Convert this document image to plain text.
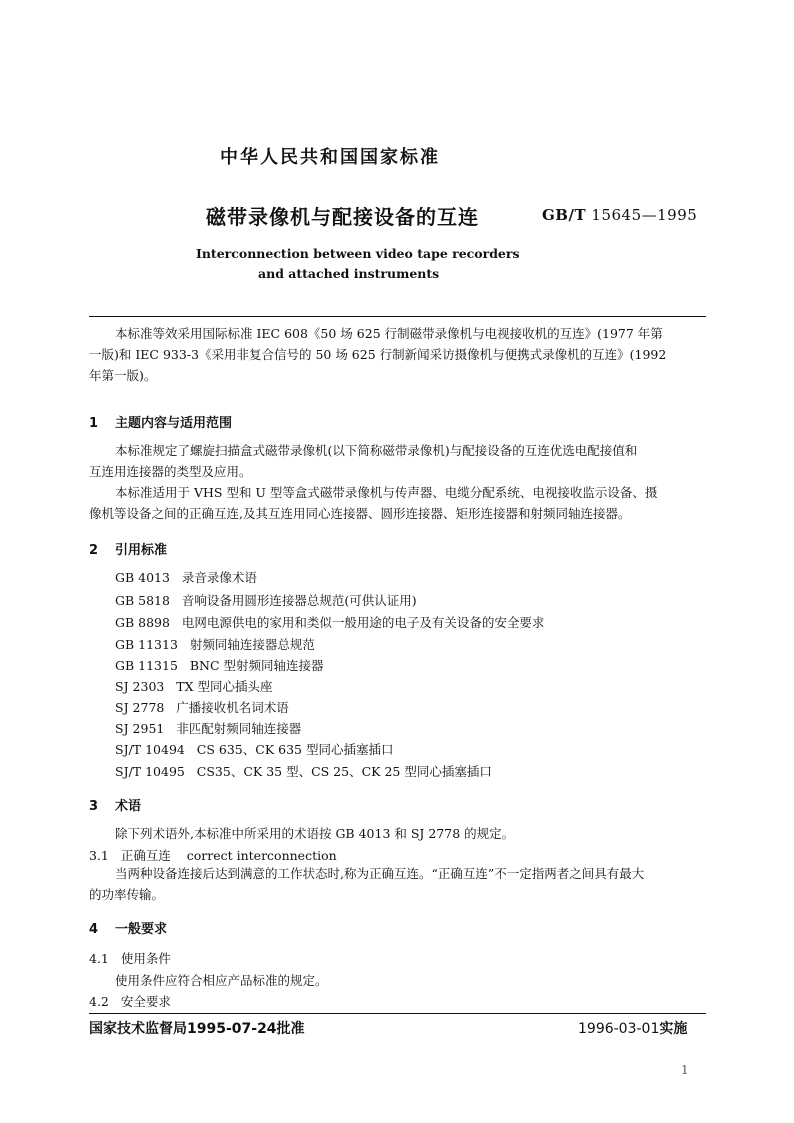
中华人民共和国国家标准
磁带录像机与配接设备的互连	GB/T 15645—1995
Interconnection between video tape recorders
and attached instruments

本标准等效采用国际标准 IEC 608《50 场 625 行制磁带录像机与电视接收机的互连》(1977 年第

一版)和 IEC 933-3《采用非复合信号的 50 场 625 行制新闻采访摄像机与便携式录像机的互连》(1992

年第一版)。

1 主题内容与适用范围

本标准规定了螺旋扫描盒式磁带录像机(以下简称磁带录像机)与配接设备的互连优选电配接值和

互连用连接器的类型及应用。

本标准适用于 VHS 型和 U 型等盒式磁带录像机与传声器、电缆分配系统、电视接收监示设备、摄

像机等设备之间的正确互连,及其互连用同心连接器、圆形连接器、矩形连接器和射频同轴连接器。

2 引用标准
GB 4013 录音录像术语
GB 5818 音响设备用圆形连接器总规范(可供认证用)
GB 8898 电网电源供电的家用和类似一般用途的电子及有关设备的安全要求
GB 11313 射频同轴连接器总规范
GB 11315 BNC 型射频同轴连接器
SJ 2303 TX 型同心插头座
SJ 2778 广播接收机名词术语
SJ 2951 非匹配射频同轴连接器
SJ/T 10494 CS 635、CK 635 型同心插塞插口
SJ/T 10495 CS35、CK 35 型、CS 25、CK 25 型同心插塞插口
3 术语
除下列术语外,本标准中所采用的术语按 GB 4013 和 SJ 2778 的规定。
3.1 正确互连 correct interconnection

当两种设备连接后达到满意的工作状态时,称为正确互连。“正确互连”不一定指两者之间具有最大

的功率传输。

4 一般要求
4.1 使用条件
使用条件应符合相应产品标准的规定。
4.2 安全要求
国家技术监督局1995-07-24批准	1996-03-01实施
1
